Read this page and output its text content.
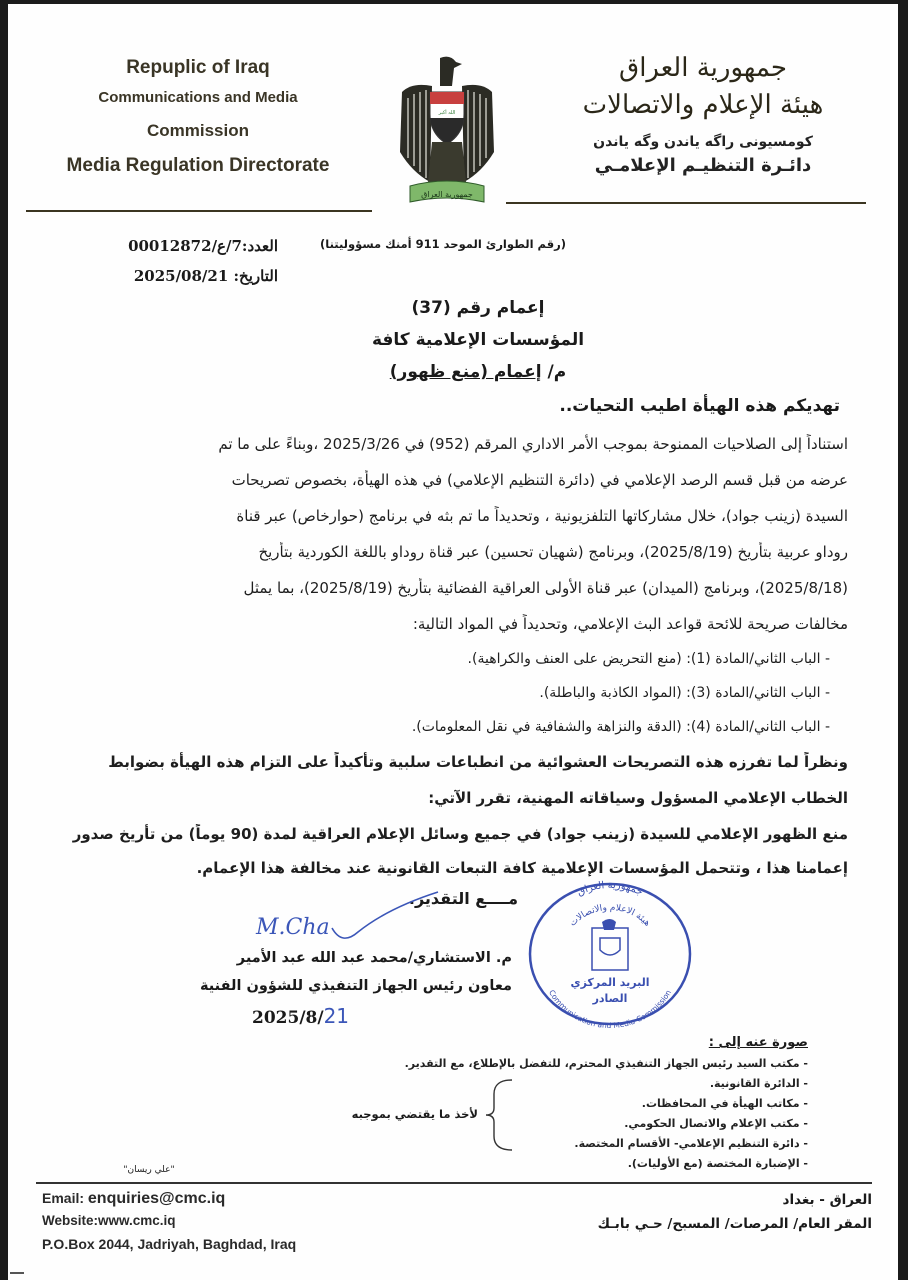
Repuplic of Iraq
Communications and Media
Commission
Media Regulation Directorate
الله أكبر
جمهورية العراق
جمهورية العراق
هيئة الإعلام والاتصالات
كومسيونى راگه ياندن وگه ياندن
دائـرة التنظيـم الإعلامـي
(رقم الطوارئ الموحد 911 أمنك مسؤوليتنا)
العدد:7/ع/00012872
التاريخ: 2025/08/21
إعمام رقم (37)
المؤسسات الإعلامية كافة
م/ إعمام (منع ظهور)
تهديكم هذه الهيأة اطيب التحيات..
استناداً إلى الصلاحيات الممنوحة بموجب الأمر الاداري المرقم (952) في 2025/3/26 ،وبناءً على ما تم
عرضه من قبل قسم الرصد الإعلامي في (دائرة التنظيم الإعلامي) في هذه الهيأة، بخصوص تصريحات
السيدة (زينب جواد)، خلال مشاركاتها التلفزيونية ، وتحديداً ما تم بثه في برنامج (حوارخاص) عبر قناة
روداو عربية بتأريخ (2025/8/19)، وبرنامج (شهيان تحسين) عبر قناة روداو باللغة الكوردية بتأريخ
(2025/8/18)، وبرنامج (الميدان) عبر قناة الأولى العراقية الفضائية بتأريخ (2025/8/19)، بما يمثل
مخالفات صريحة للائحة قواعد البث الإعلامي، وتحديداً في المواد التالية:
- الباب الثاني/المادة (1): (منع التحريض على العنف والكراهية).
- الباب الثاني/المادة (3): (المواد الكاذبة والباطلة).
- الباب الثاني/المادة (4): (الدقة والنزاهة والشفافية في نقل المعلومات).
ونظراً لما تفرزه هذه التصريحات العشوائية من انطباعات سلبية وتأكيداً على التزام هذه الهيأة بضوابط
الخطاب الإعلامي المسؤول وسياقاته المهنية، تقرر الآتي:
منع الظهور الإعلامي للسيدة (زينب جواد) في جميع وسائل الإعلام العراقية لمدة (90 يوماً) من تأريخ صدور
إعمامنا هذا ، وتتحمل المؤسسات الإعلامية كافة التبعات القانونية عند مخالفة هذا الإعمام.
مــــع التقدير.
M.Cha
م. الاستشاري/محمد عبد الله عبد الأمير
معاون رئيس الجهاز التنفيذي للشؤون الفنية
2025/8/21
جمهورية العراق
هيئة الاعلام والاتصالات
Communication and Media Commission
البريد المركزي
الصادر
صورة عنه إلى :
- مكتب السيد رئيس الجهاز التنفيذي المحترم، للتفضل بالإطلاع، مع التقدير.
- الدائرة القانونية.
- مكاتب الهيأة في المحافظات.
- مكتب الإعلام والاتصال الحكومي.
- دائرة التنظيم الإعلامي- الأقسام المختصة.
- الإضبارة المختصة (مع الأوليات).
لأخذ ما يقتضي بموجبه
"علي ريسان"
Email: enquiries@cmc.iq
Website:www.cmc.iq
P.O.Box 2044, Jadriyah, Baghdad, Iraq
العراق - بغداد
المقر العام/ المرصات/ المسبح/ حـي بابـك
